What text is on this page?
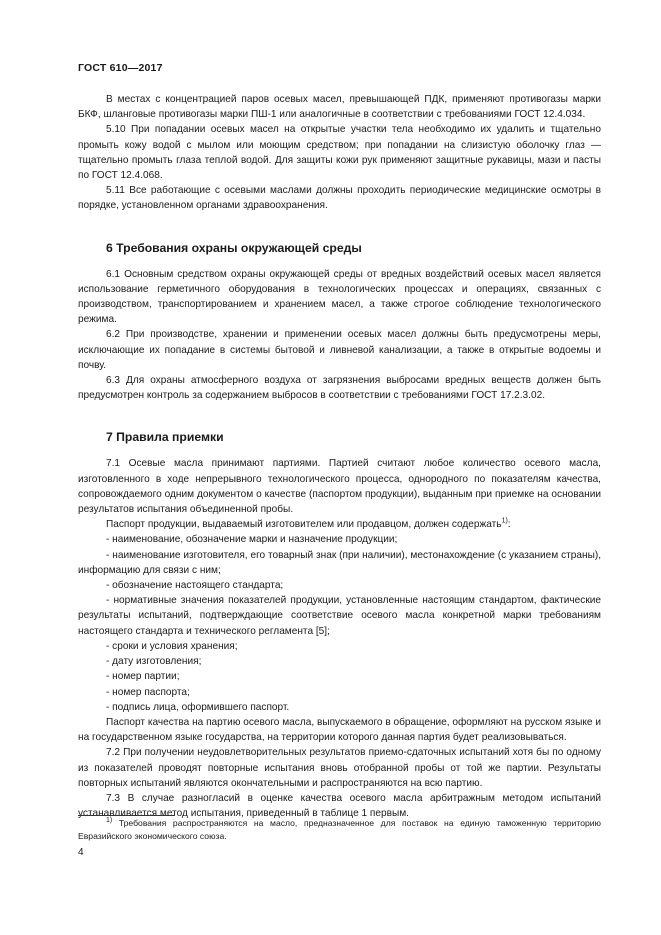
ГОСТ 610—2017

В местах с концентрацией паров осевых масел, превышающей ПДК, применяют противогазы марки БКФ, шланговые противогазы марки ПШ-1 или аналогичные в соответствии с требованиями ГОСТ 12.4.034.

5.10 При попадании осевых масел на открытые участки тела необходимо их удалить и тщательно промыть кожу водой с мылом или моющим средством; при попадании на слизистую оболочку глаз — тщательно промыть глаза теплой водой. Для защиты кожи рук применяют защитные рукавицы, мази и пасты по ГОСТ 12.4.068.

5.11 Все работающие с осевыми маслами должны проходить периодические медицинские осмотры в порядке, установленном органами здравоохранения.

6 Требования охраны окружающей среды

6.1 Основным средством охраны окружающей среды от вредных воздействий осевых масел является использование герметичного оборудования в технологических процессах и операциях, связанных с производством, транспортированием и хранением масел, а также строгое соблюдение технологического режима.

6.2 При производстве, хранении и применении осевых масел должны быть предусмотрены меры, исключающие их попадание в системы бытовой и ливневой канализации, а также в открытые водоемы и почву.

6.3 Для охраны атмосферного воздуха от загрязнения выбросами вредных веществ должен быть предусмотрен контроль за содержанием выбросов в соответствии с требованиями ГОСТ 17.2.3.02.

7 Правила приемки

7.1 Осевые масла принимают партиями. Партией считают любое количество осевого масла, изготовленного в ходе непрерывного технологического процесса, однородного по показателям качества, сопровождаемого одним документом о качестве (паспортом продукции), выданным при приемке на основании результатов испытания объединенной пробы.

Паспорт продукции, выдаваемый изготовителем или продавцом, должен содержать$^{1)}$:

- наименование, обозначение марки и назначение продукции;

- наименование изготовителя, его товарный знак (при наличии), местонахождение (с указанием страны), информацию для связи с ним;

- обозначение настоящего стандарта;

- нормативные значения показателей продукции, установленные настоящим стандартом, фактические результаты испытаний, подтверждающие соответствие осевого масла конкретной марки требованиям настоящего стандарта и технического регламента [5];

- сроки и условия хранения;

- дату изготовления;

- номер партии;

- номер паспорта;

- подпись лица, оформившего паспорт.

Паспорт качества на партию осевого масла, выпускаемого в обращение, оформляют на русском языке и на государственном языке государства, на территории которого данная партия будет реализовываться.

7.2 При получении неудовлетворительных результатов приемо-сдаточных испытаний хотя бы по одному из показателей проводят повторные испытания вновь отобранной пробы от той же партии. Результаты повторных испытаний являются окончательными и распространяются на всю партию.

7.3 В случае разногласий в оценке качества осевого масла арбитражным методом испытаний устанавливается метод испытания, приведенный в таблице 1 первым.

$^{1)}$ Требования распространяются на масло, предназначенное для поставок на единую таможенную территорию Евразийского экономического союза.
4
